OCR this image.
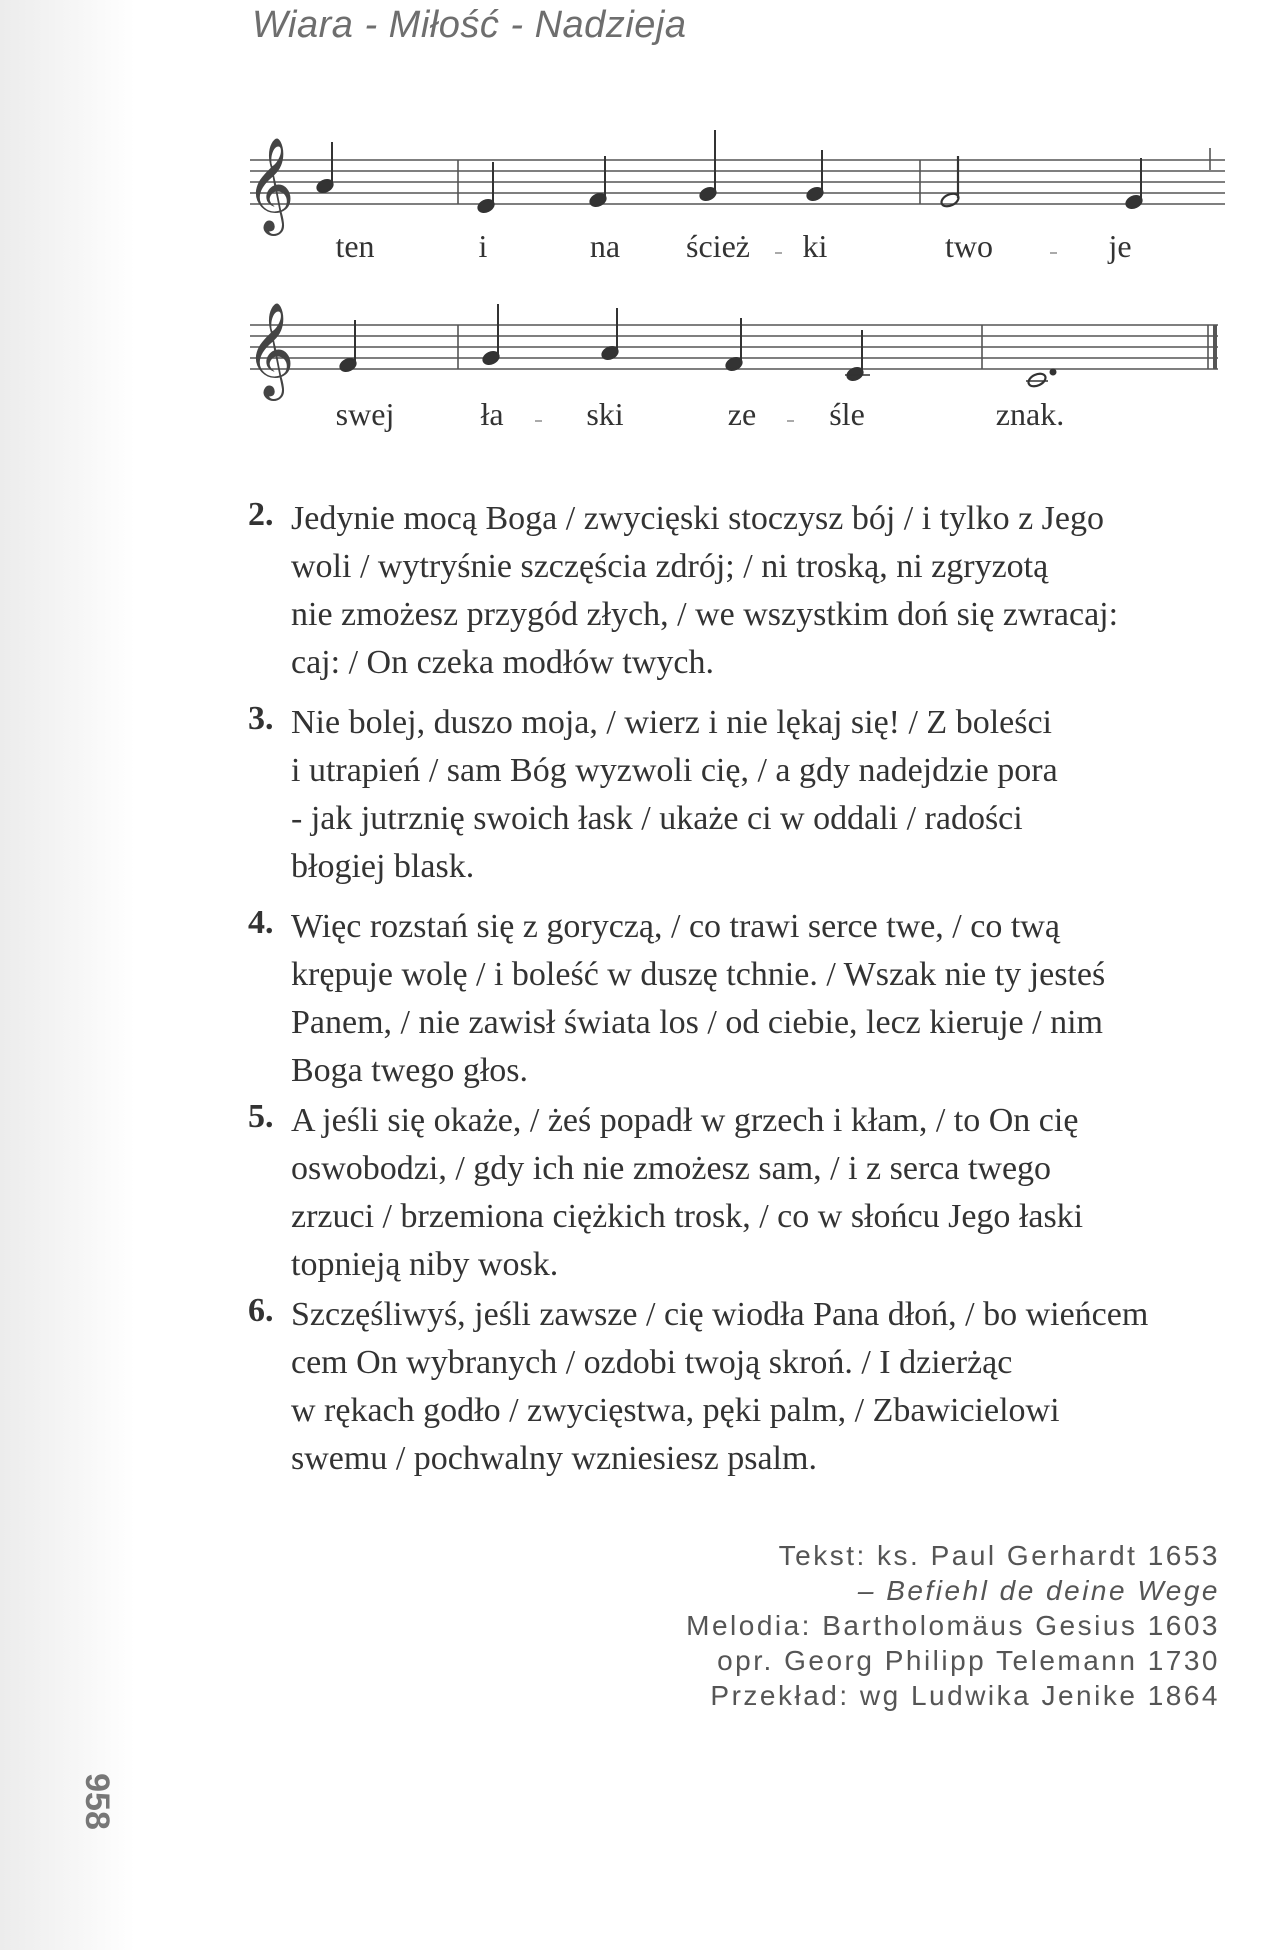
Wiara - Miłość - Nadzieja
𝄞
ten	i	na ścież ki	two	je
𝄞
swej	ła	ski	ze śle	znak.
2. Jedynie mocą Boga / zwycięski stoczysz bój / i tylko z Jego
woli / wytryśnie szczęścia zdrój; / ni troską, ni zgryzotą
nie zmożesz przygód złych, / we wszystkim doń się zwracaj:
caj: / On czeka modłów twych.
3. Nie bolej, duszo moja, / wierz i nie lękaj się! / Z boleści
i utrapień / sam Bóg wyzwoli cię, / a gdy nadejdzie pora
- jak jutrznię swoich łask / ukaże ci w oddali / radości
błogiej blask.
4. Więc rozstań się z goryczą, / co trawi serce twe, / co twą
krępuje wolę / i boleść w duszę tchnie. / Wszak nie ty jesteś
Panem, / nie zawisł świata los / od ciebie, lecz kieruje / nim
Boga twego głos.
5. A jeśli się okaże, / żeś popadł w grzech i kłam, / to On cię
oswobodzi, / gdy ich nie zmożesz sam, / i z serca twego
zrzuci / brzemiona ciężkich trosk, / co w słońcu Jego łaski
topnieją niby wosk.
6. Szczęśliwyś, jeśli zawsze / cię wiodła Pana dłoń, / bo wieńcem
cem On wybranych / ozdobi twoją skroń. / I dzierżąc
w rękach godło / zwycięstwa, pęki palm, / Zbawicielowi
swemu / pochwalny wzniesiesz psalm.
Tekst: ks. Paul Gerhardt 1653
– Befiehl de deine Wege
Melodia: Bartholomäus Gesius 1603
opr. Georg Philipp Telemann 1730
Przekład: wg Ludwika Jenike 1864
958
